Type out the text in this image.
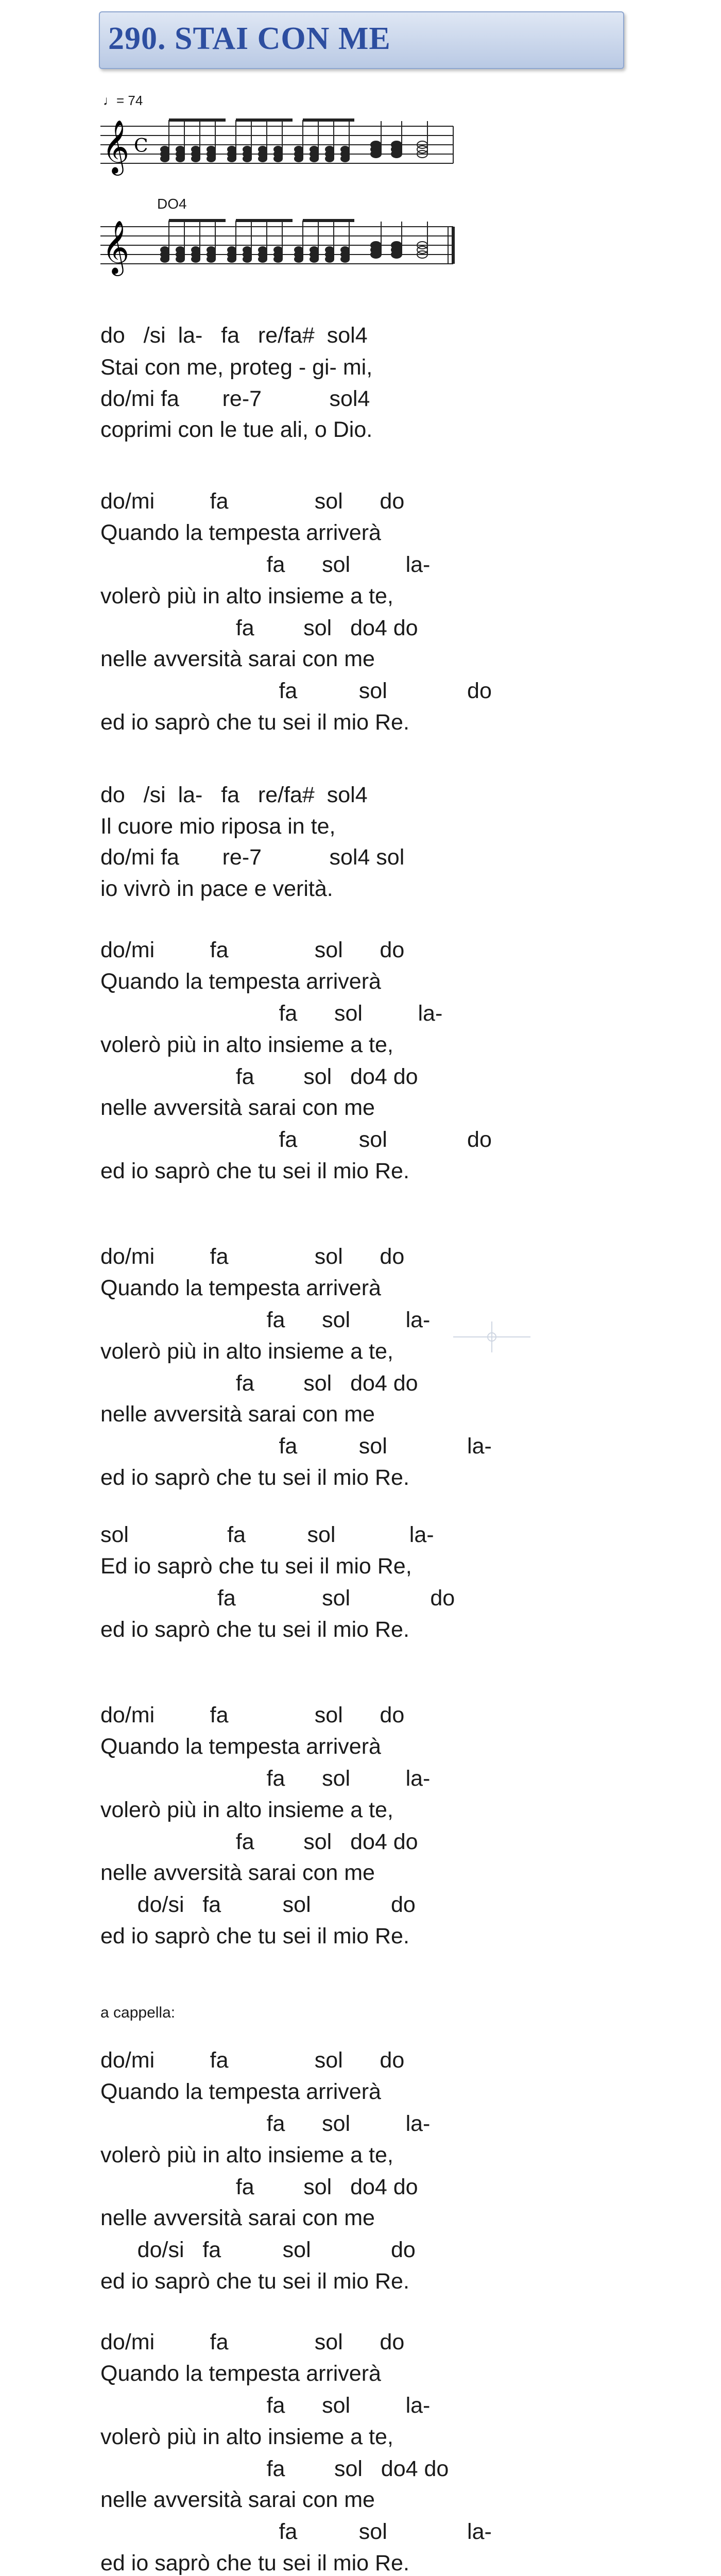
290. STAI CON ME
♩= 74
𝄞 C
DO4
𝄞
do   /si  la-   fa   re/fa#  sol4
Stai con me, proteg - gi- mi,
do/mi fa       re-7           sol4
coprimi con le tue ali, o Dio.
do/mi         fa              sol      do
Quando la tempesta arriverà
fa      sol         la-
volerò più in alto insieme a te,
fa        sol   do4 do
nelle avversità sarai con me
fa          sol             do
ed io saprò che tu sei il mio Re.
do   /si  la-   fa   re/fa#  sol4
Il cuore mio riposa in te,
do/mi fa       re-7           sol4 sol
io vivrò in pace e verità.
do/mi         fa              sol      do
Quando la tempesta arriverà
fa      sol         la-
volerò più in alto insieme a te,
fa        sol   do4 do
nelle avversità sarai con me
fa          sol             do
ed io saprò che tu sei il mio Re.
do/mi         fa              sol      do
Quando la tempesta arriverà
fa      sol         la-
volerò più in alto insieme a te,
fa        sol   do4 do
nelle avversità sarai con me
fa          sol             la-
ed io saprò che tu sei il mio Re.
sol                fa          sol            la-
Ed io saprò che tu sei il mio Re,
fa              sol             do
ed io saprò che tu sei il mio Re.
do/mi         fa              sol      do
Quando la tempesta arriverà
fa      sol         la-
volerò più in alto insieme a te,
fa        sol   do4 do
nelle avversità sarai con me
do/si   fa          sol             do
ed io saprò che tu sei il mio Re.
do/mi         fa              sol      do
Quando la tempesta arriverà
fa      sol         la-
volerò più in alto insieme a te,
fa        sol   do4 do
nelle avversità sarai con me
do/si   fa          sol             do
ed io saprò che tu sei il mio Re.
do/mi         fa              sol      do
Quando la tempesta arriverà
fa      sol         la-
volerò più in alto insieme a te,
fa        sol   do4 do
nelle avversità sarai con me
fa          sol             la-
ed io saprò che tu sei il mio Re.
a cappella:
